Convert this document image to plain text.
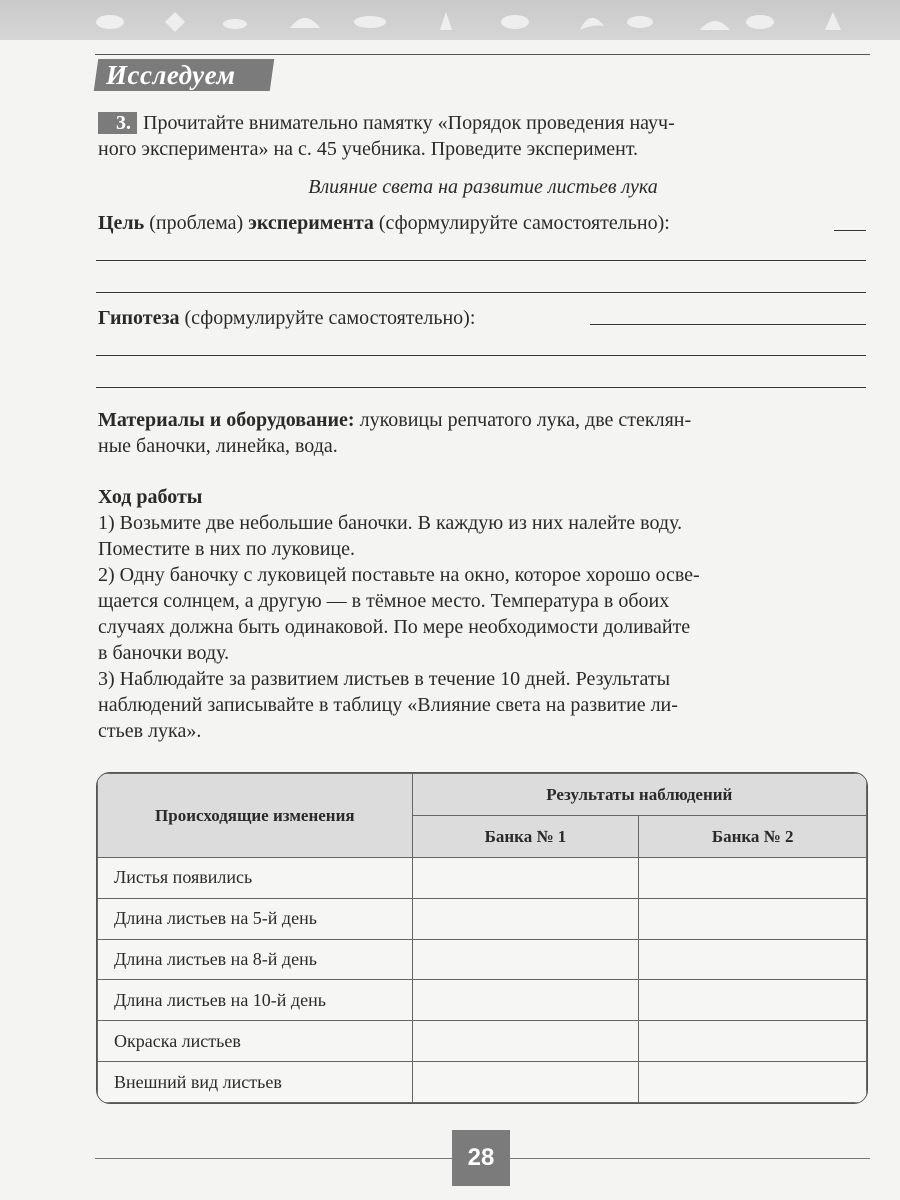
Исследуем
3. Прочитайте внимательно памятку «Порядок проведения науч-
ного эксперимента» на с. 45 учебника. Проведите эксперимент.
Влияние света на развитие листьев лука
Цель (проблема) эксперимента (сформулируйте самостоятельно):
Гипотеза (сформулируйте самостоятельно):
Материалы и оборудование: луковицы репчатого лука, две стеклян-
ные баночки, линейка, вода.
Ход работы
1) Возьмите две небольшие баночки. В каждую из них налейте воду.
Поместите в них по луковице.
2) Одну баночку с луковицей поставьте на окно, которое хорошо осве-
щается солнцем, а другую — в тёмное место. Температура в обоих
случаях должна быть одинаковой. По мере необходимости доливайте
в баночки воду.
3) Наблюдайте за развитием листьев в течение 10 дней. Результаты
наблюдений записывайте в таблицу «Влияние света на развитие ли-
стьев лука».
Происходящие изменения	Результаты наблюдений	
	Банка № 1	Банка № 2
Листья появились		
Длина листьев на 5-й день		
Длина листьев на 8-й день		
Длина листьев на 10-й день		
Окраска листьев		
Внешний вид листьев		
28
